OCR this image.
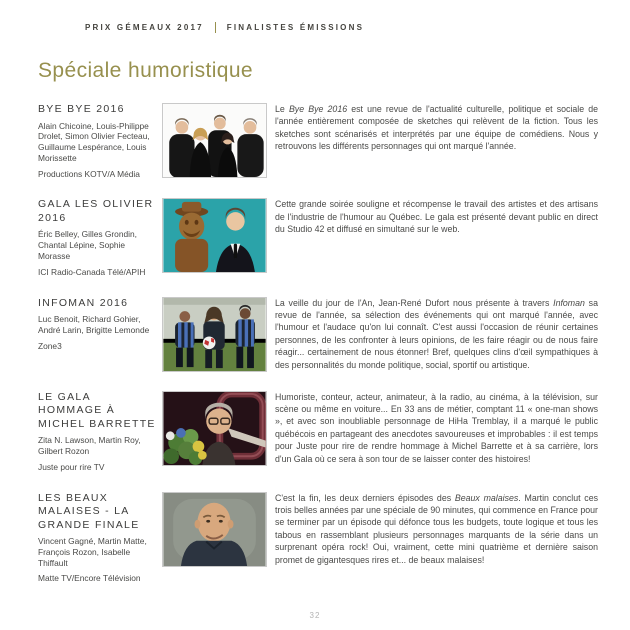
PRIX GÉMEAUX 2017	FINALISTES ÉMISSIONS
Spéciale humoristique
BYE BYE 2016

Alain Chicoine, Louis-Philippe Drolet, Simon Olivier Fecteau, Guillaume Lespérance, Louis Morissette

Productions KOTV/A Média

Le Bye Bye 2016 est une revue de l'actualité culturelle, politique et sociale de l'année entièrement composée de sketches qui relèvent de la fiction. Tous les sketches sont scénarisés et interprétés par une équipe de comédiens. Nous y retrouvons les différents personnages qui ont marqué l'année.

GALA LES OLIVIER 2016

Éric Belley, Gilles Grondin, Chantal Lépine, Sophie Morasse

ICI Radio-Canada Télé/APIH

Cette grande soirée souligne et récompense le travail des artistes et des artisans de l'industrie de l'humour au Québec. Le gala est présenté devant public en direct du Studio 42 et diffusé en simultané sur le web.

INFOMAN 2016

Luc Benoit, Richard Gohier, André Larin, Brigitte Lemonde

Zone3

La veille du jour de l'An, Jean-René Dufort nous présente à travers Infoman sa revue de l'année, sa sélection des événements qui ont marqué l'année, avec l'humour et l'audace qu'on lui connaît. C'est aussi l'occasion de réunir certaines personnes, de les confronter à leurs opinions, de les faire réagir ou de nous faire réagir... certainement de nous étonner! Bref, quelques clins d'œil sympathiques à des personnalités du monde politique, social, sportif ou artistique.

LE GALA HOMMAGE À MICHEL BARRETTE

Zita N. Lawson, Martin Roy, Gilbert Rozon

Juste pour rire TV

Humoriste, conteur, acteur, animateur, à la radio, au cinéma, à la télévision, sur scène ou même en voiture... En 33 ans de métier, comptant 11 « one-man shows », et avec son inoubliable personnage de HiHa Tremblay, il a marqué le public québécois en partageant des anecdotes savoureuses et improbables : il est temps pour Juste pour rire de rendre hommage à Michel Barrette et à sa carrière, lors d'un Gala où ce sera à son tour de se laisser conter des histoires!

LES BEAUX MALAISES - LA GRANDE FINALE

Vincent Gagné, Martin Matte, François Rozon, Isabelle Thiffault

Matte TV/Encore Télévision

C'est la fin, les deux derniers épisodes des Beaux malaises. Martin conclut ces trois belles années par une spéciale de 90 minutes, qui commence en France pour se terminer par un épisode qui défonce tous les budgets, toute logique et tous les tabous en rassemblant plusieurs personnages marquants de la série dans un surprenant opéra rock! Oui, vraiment, cette mini quatrième et dernière saison promet de gigantesques rires et... de beaux malaises!

32
